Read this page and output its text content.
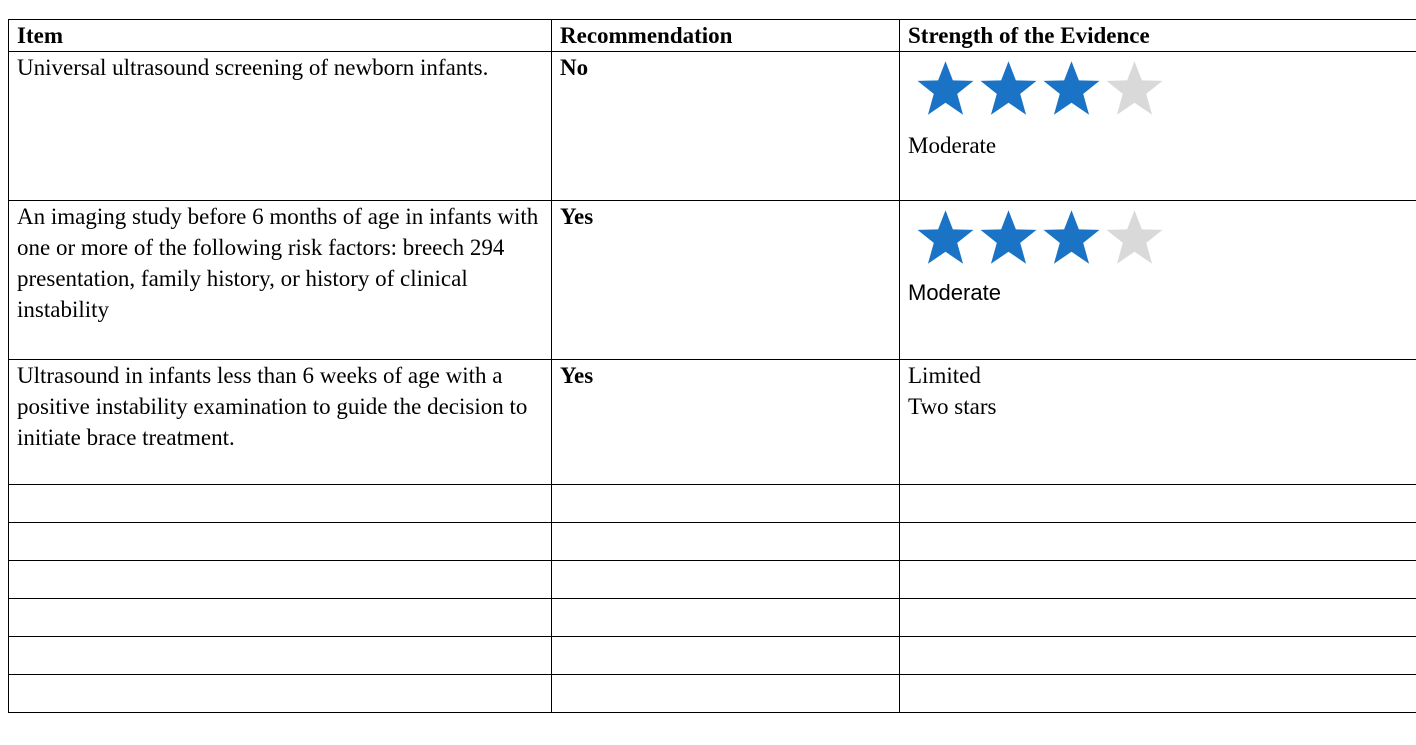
Item	Recommendation	Strength of the Evidence
Universal ultrasound screening of newborn infants.	No	Moderate

An imaging study before 6 months of age in infants with one or more of the following risk factors: breech 294 presentation, family history, or history of clinical instability	Yes	Moderate

Ultrasound in infants less than 6 weeks of age with a positive instability examination to guide the decision to initiate brace treatment.	Yes	Limited
Two stars
